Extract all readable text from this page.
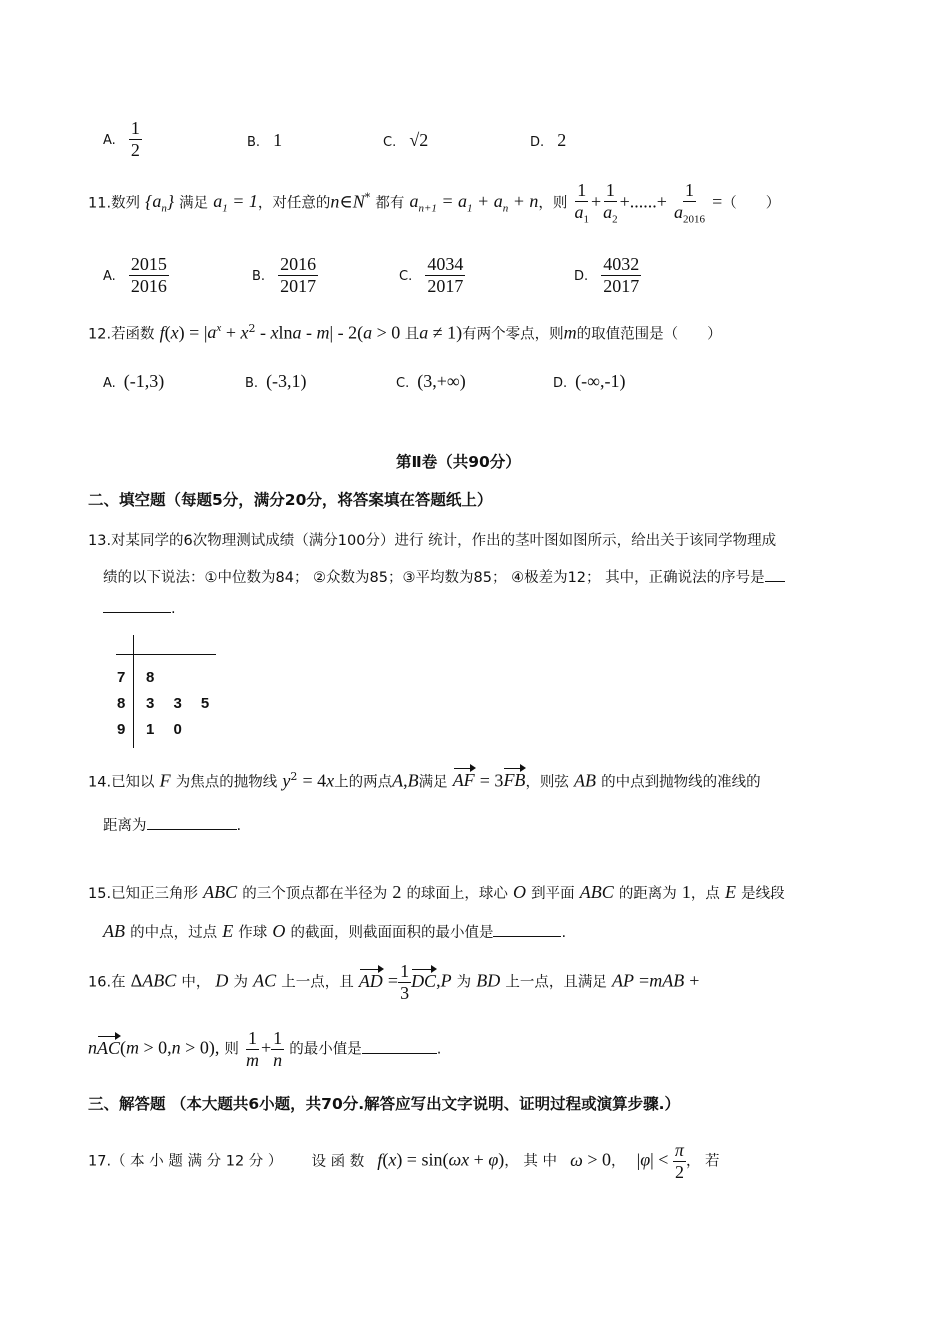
A. $\frac{1}{2}$	B. 1	C. √2	D. 2
11.数列 $\{a_n\}$ 满足 $a_1 = 1$，对任意的n∈N* 都有 $a_{n+1} = a_1 + a_n + n$，则 $\frac{1}{a_1} + \frac{1}{a_2}$ +......+ $\frac{1}{a_{2016}}$ =（　　）
A. $\frac{2015}{2016}$	B. $\frac{2016}{2017}$	C. $\frac{4034}{2017}$	D. $\frac{4032}{2017}$
12.若函数 $f(x) = |a^x + x^2 - xlna - m| - 2(a > 0$ 且a ≠ 1)有两个零点，则m的取值范围是（　　）
A. (-1,3)	B. (-3,1)	C. (3,+∞)	D. (-∞,-1)
第Ⅱ卷（共90分）
二、填空题（每题5分，满分20分，将答案填在答题纸上）
13.对某同学的6次物理测试成绩（满分100分）进行 统计，作出的茎叶图如图所示，给出关于该同学物理成
绩的以下说法：①中位数为84； ②众数为85；③平均数为85； ④极差为12； 其中，正确说法的序号是
.
7 8
8 3 3 5
9 1 0
14.已知以 F 为焦点的抛物线 $y^2 = 4x$上的两点A,B满足 AF = 3FB，则弦 AB 的中点到抛物线的准线的
距离为	.
15.已知正三角形 ABC 的三个顶点都在半径为 2 的球面上，球心 O 到平面 ABC 的距离为 1，点 E 是线段
AB 的中点，过点 E 作球 O 的截面，则截面面积的最小值是	.
16.在 ΔABC 中， D 为 AC 上一点，且 AD = $\frac{1}{3} DC,P$ 为 BD 上一点，且满足 AP =mAB +
nAC(m > 0,n > 0), 则 $\frac{1}{m} + \frac{1}{n}$ 的最小值是	.
三、解答题 （本大题共6小题，共70分.解答应写出文字说明、证明过程或演算步骤.）
17.（ 本 小 题 满 分 12 分 ） 设 函 数 f(x) = sin(ωx + φ)， 其 中 ω > 0， $|\varphi| < \frac{\pi}{2}$ ， 若
